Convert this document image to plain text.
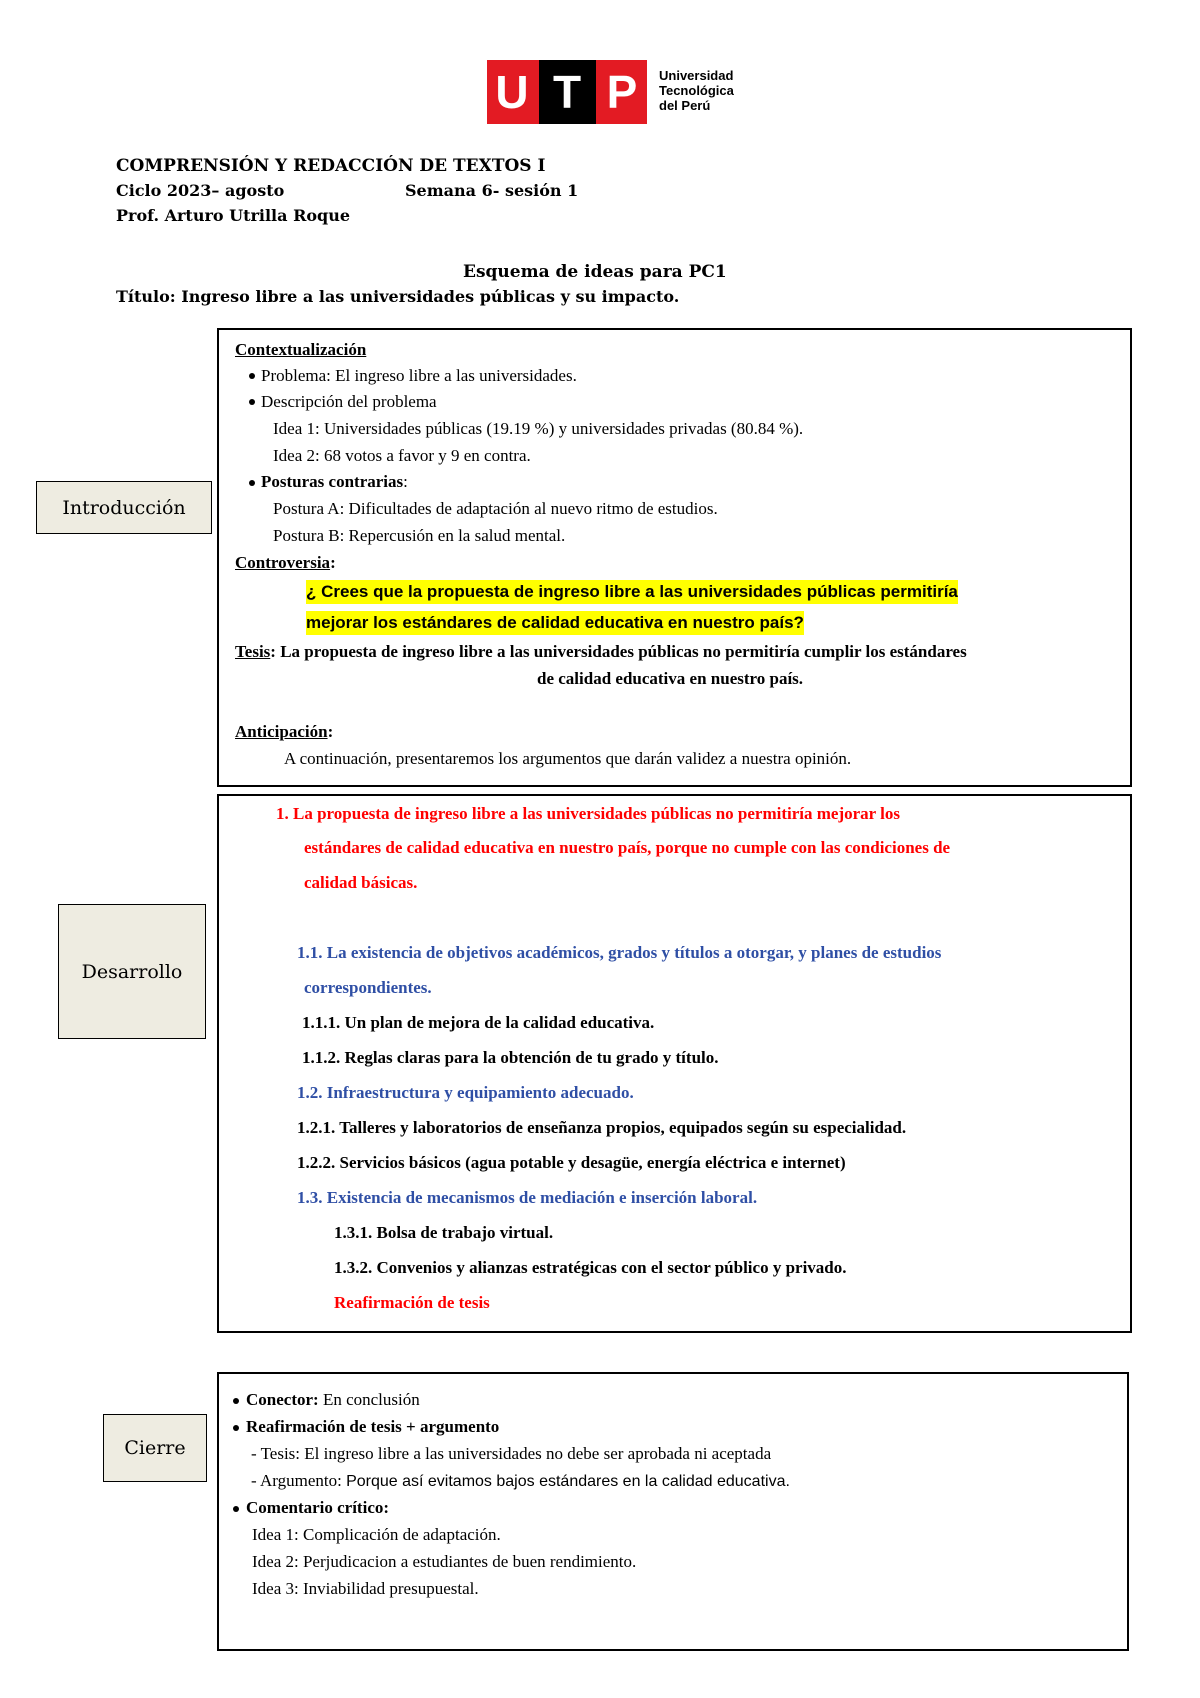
U T P	Universidad
Tecnológica
del Perú
COMPRENSIÓN Y REDACCIÓN DE TEXTOS I
Ciclo 2023– agosto	Semana 6- sesión 1
Prof. Arturo Utrilla Roque
Esquema de ideas para PC1
Título: Ingreso libre a las universidades públicas y su impacto.
Introducción
Contextualización
Problema: El ingreso libre a las universidades.
Descripción del problema
Idea 1: Universidades públicas (19.19 %) y universidades privadas (80.84 %).
Idea 2: 68 votos a favor y 9 en contra.
Posturas contrarias:
Postura A: Dificultades de adaptación al nuevo ritmo de estudios.
Postura B: Repercusión en la salud mental.
Controversia:
¿ Crees que la propuesta de ingreso libre a las universidades públicas permitiría
mejorar los estándares de calidad educativa en nuestro país?
Tesis: La propuesta de ingreso libre a las universidades públicas no permitiría cumplir los estándares
de calidad educativa en nuestro país.
Anticipación:
A continuación, presentaremos los argumentos que darán validez a nuestra opinión.
Desarrollo
1. La propuesta de ingreso libre a las universidades públicas no permitiría mejorar los
estándares de calidad educativa en nuestro país, porque no cumple con las condiciones de
calidad básicas.
1.1. La existencia de objetivos académicos, grados y títulos a otorgar, y planes de estudios
correspondientes.
1.1.1. Un plan de mejora de la calidad educativa.
1.1.2. Reglas claras para la obtención de tu grado y título.
1.2. Infraestructura y equipamiento adecuado.
1.2.1. Talleres y laboratorios de enseñanza propios, equipados según su especialidad.
1.2.2. Servicios básicos (agua potable y desagüe, energía eléctrica e internet)
1.3. Existencia de mecanismos de mediación e inserción laboral.
1.3.1. Bolsa de trabajo virtual.
1.3.2. Convenios y alianzas estratégicas con el sector público y privado.
Reafirmación de tesis
Cierre
Conector: En conclusión
Reafirmación de tesis + argumento
- Tesis: El ingreso libre a las universidades no debe ser aprobada ni aceptada
- Argumento: Porque así evitamos bajos estándares en la calidad educativa.
Comentario crítico:
Idea 1: Complicación de adaptación.
Idea 2: Perjudicacion a estudiantes de buen rendimiento.
Idea 3: Inviabilidad presupuestal.
